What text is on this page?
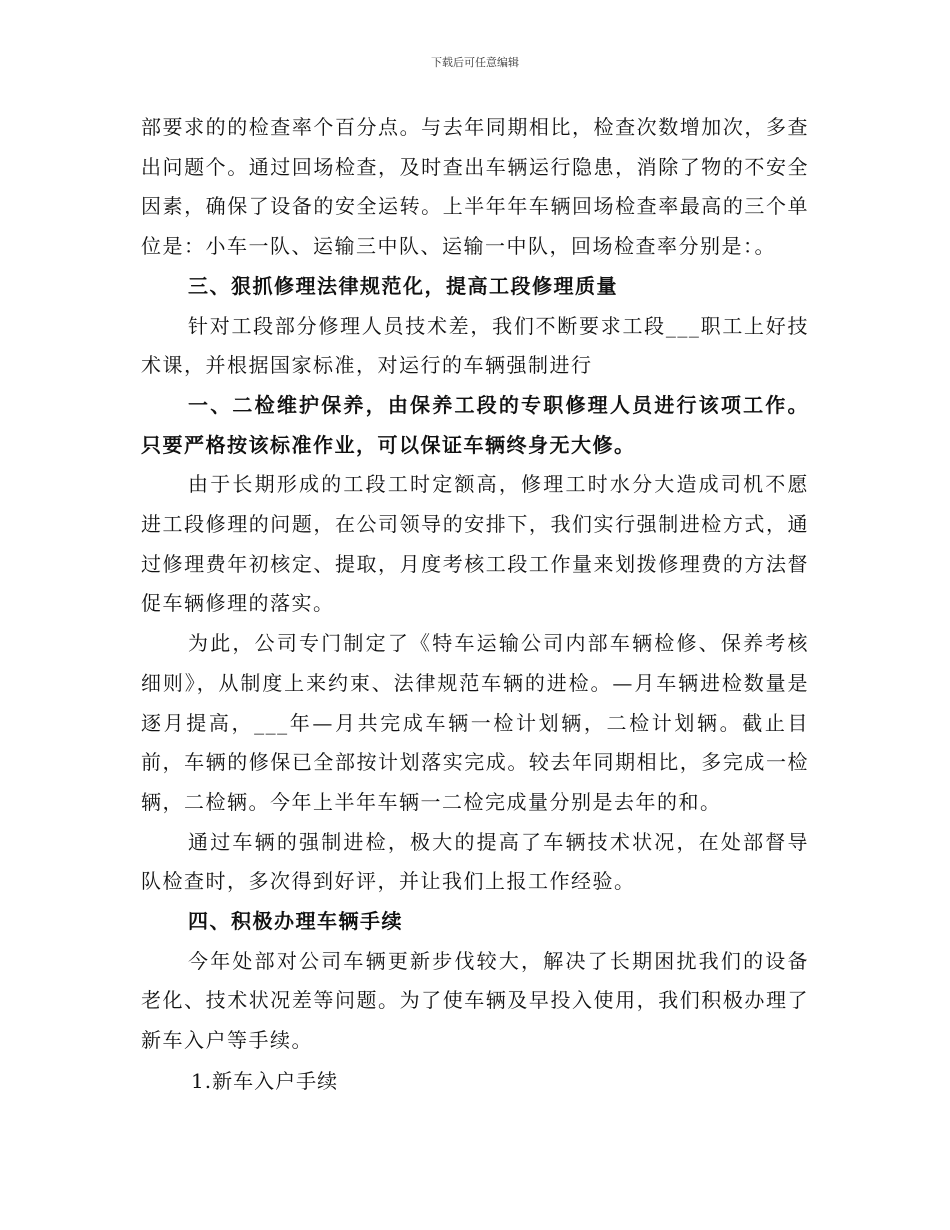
下载后可任意编辑

部要求的的检查率个百分点。与去年同期相比，检查次数增加次，多查出问题个。通过回场检查，及时查出车辆运行隐患，消除了物的不安全因素，确保了设备的安全运转。上半年年车辆回场检查率最高的三个单位是：小车一队、运输三中队、运输一中队，回场检查率分别是：。

三、狠抓修理法律规范化，提高工段修理质量

针对工段部分修理人员技术差，我们不断要求工段___职工上好技术课，并根据国家标准，对运行的车辆强制进行

一、二检维护保养，由保养工段的专职修理人员进行该项工作。只要严格按该标准作业，可以保证车辆终身无大修。

由于长期形成的工段工时定额高，修理工时水分大造成司机不愿进工段修理的问题，在公司领导的安排下，我们实行强制进检方式，通过修理费年初核定、提取，月度考核工段工作量来划拨修理费的方法督促车辆修理的落实。

为此，公司专门制定了《特车运输公司内部车辆检修、保养考核细则》，从制度上来约束、法律规范车辆的进检。—月车辆进检数量是逐月提高，___年—月共完成车辆一检计划辆，二检计划辆。截止目前，车辆的修保已全部按计划落实完成。较去年同期相比，多完成一检辆，二检辆。今年上半年车辆一二检完成量分别是去年的和。

通过车辆的强制进检，极大的提高了车辆技术状况，在处部督导队检查时，多次得到好评，并让我们上报工作经验。

四、积极办理车辆手续

今年处部对公司车辆更新步伐较大，解决了长期困扰我们的设备老化、技术状况差等问题。为了使车辆及早投入使用，我们积极办理了新车入户等手续。

1.新车入户手续
